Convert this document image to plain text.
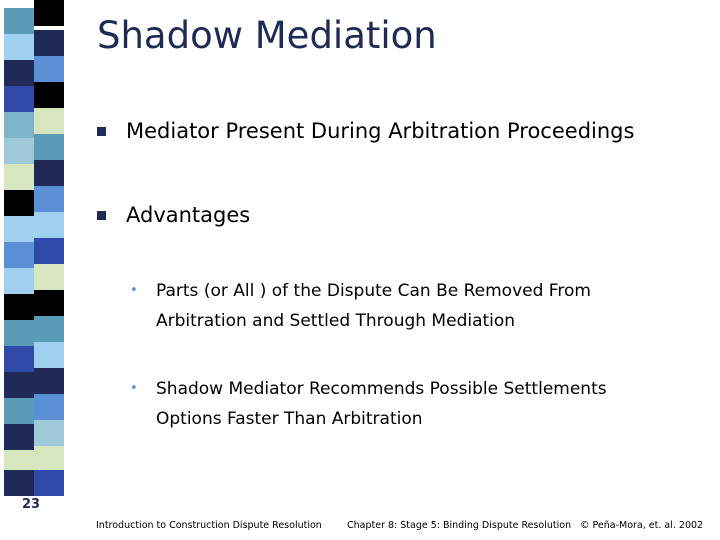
23
Shadow Mediation
Mediator Present During Arbitration Proceedings
Advantages
• Parts (or All ) of the Dispute Can Be Removed From
Arbitration and Settled Through Mediation
• Shadow Mediator Recommends Possible Settlements
Options Faster Than Arbitration
Introduction to Construction Dispute Resolution	Chapter 8: Stage 5: Binding Dispute Resolution © Peña-Mora, et. al. 2002
